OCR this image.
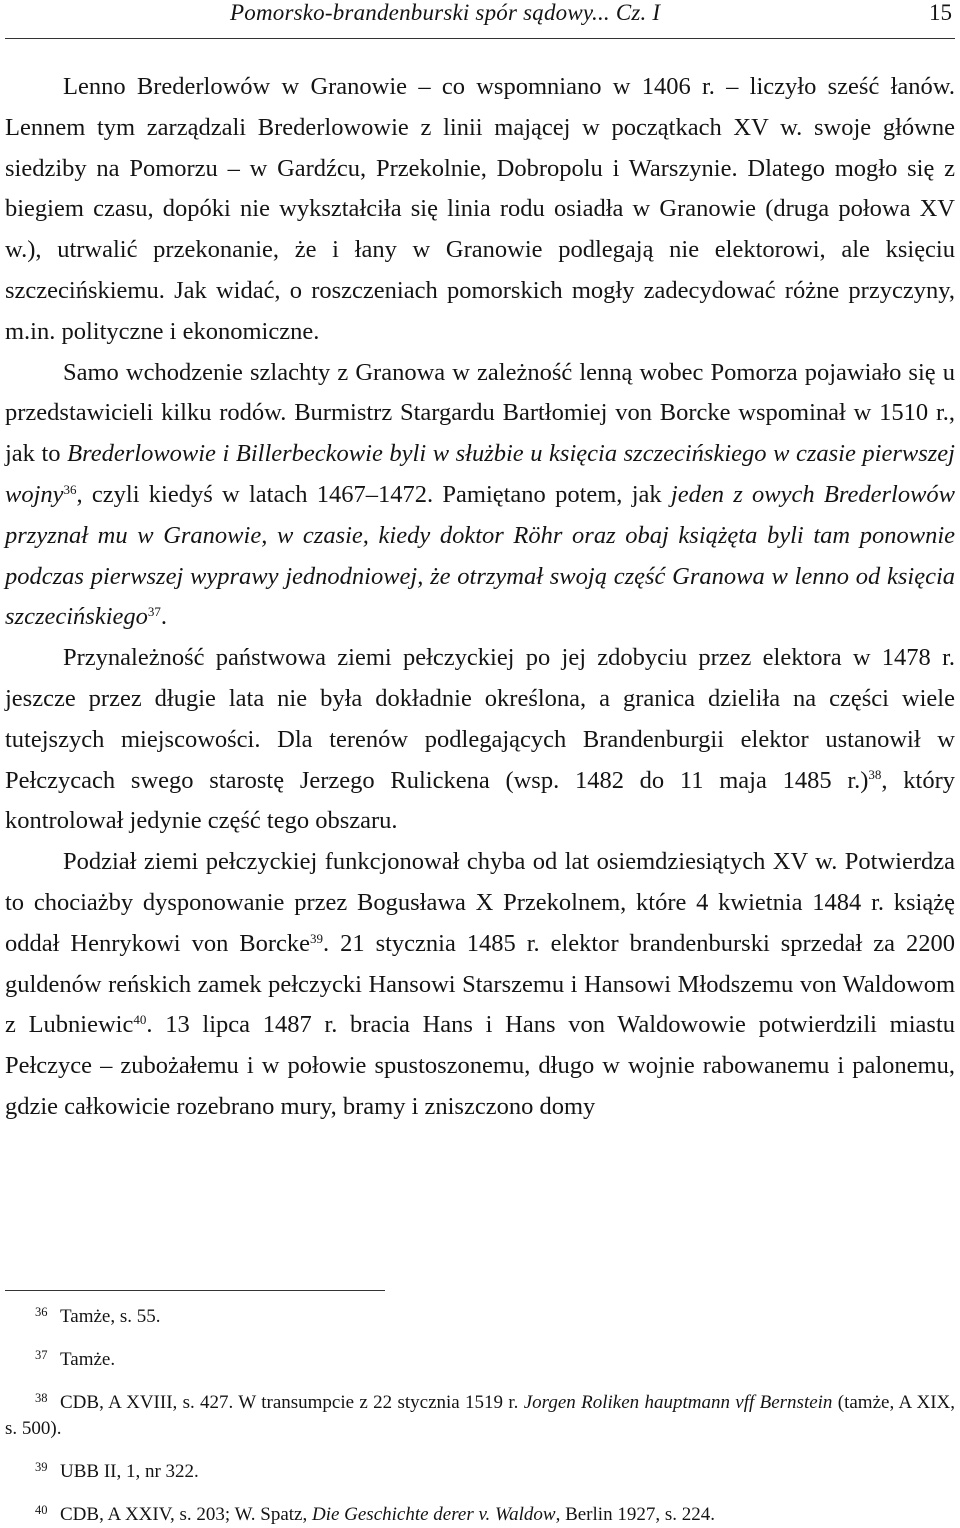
Pomorsko-brandenburski spór sądowy... Cz. I	15

Lenno Brederlowów w Granowie – co wspomniano w 1406 r. – liczyło sześć łanów. Lennem tym zarządzali Brederlowowie z linii mającej w początkach XV w. swoje główne siedziby na Pomorzu – w Gardźcu, Przekolnie, Dobropolu i Warszynie. Dlatego mogło się z biegiem czasu, dopóki nie wykształciła się linia rodu osiadła w Granowie (druga połowa XV w.), utrwalić przekonanie, że i łany w Granowie podlegają nie elektorowi, ale księciu szczecińskiemu. Jak widać, o roszczeniach pomorskich mogły zadecydować różne przyczyny, m.in. polityczne i ekonomiczne.

Samo wchodzenie szlachty z Granowa w zależność lenną wobec Pomorza pojawiało się u przedstawicieli kilku rodów. Burmistrz Stargardu Bartłomiej von Borcke wspominał w 1510 r., jak to Brederlowowie i Billerbeckowie byli w służbie u księcia szczecińskiego w czasie pierwszej wojny$^{36}$, czyli kiedyś w latach 1467–1472. Pamiętano potem, jak jeden z owych Brederlowów przyznał mu w Granowie, w czasie, kiedy doktor Röhr oraz obaj książęta byli tam ponownie podczas pierwszej wyprawy jednodniowej, że otrzymał swoją część Granowa w lenno od księcia szczecińskiego$^{37}$.

Przynależność państwowa ziemi pełczyckiej po jej zdobyciu przez elektora w 1478 r. jeszcze przez długie lata nie była dokładnie określona, a granica dzieliła na części wiele tutejszych miejscowości. Dla terenów podlegających Brandenburgii elektor ustanowił w Pełczycach swego starostę Jerzego Rulickena (wsp. 1482 do 11 maja 1485 r.)$^{38}$, który kontrolował jedynie część tego obszaru.

Podział ziemi pełczyckiej funkcjonował chyba od lat osiemdziesiątych XV w. Potwierdza to chociażby dysponowanie przez Bogusława X Przekolnem, które 4 kwietnia 1484 r. książę oddał Henrykowi von Borcke$^{39}$. 21 stycznia 1485 r. elektor brandenburski sprzedał za 2200 guldenów reńskich zamek pełczycki Hansowi Starszemu i Hansowi Młodszemu von Waldowom z Lubniewic$^{40}$. 13 lipca 1487 r. bracia Hans i Hans von Waldowowie potwierdzili miastu Pełczyce – zubożałemu i w połowie spustoszonemu, długo w wojnie rabowanemu i palonemu, gdzie całkowicie rozebrano mury, bramy i zniszczono domy

36 Tamże, s. 55.
37 Tamże.
38 CDB, A XVIII, s. 427. W transumpcie z 22 stycznia 1519 r. Jorgen Roliken hauptmann vff Bernstein (tamże, A XIX, s. 500).
39 UBB II, 1, nr 322.
40 CDB, A XXIV, s. 203; W. Spatz, Die Geschichte derer v. Waldow, Berlin 1927, s. 224.
